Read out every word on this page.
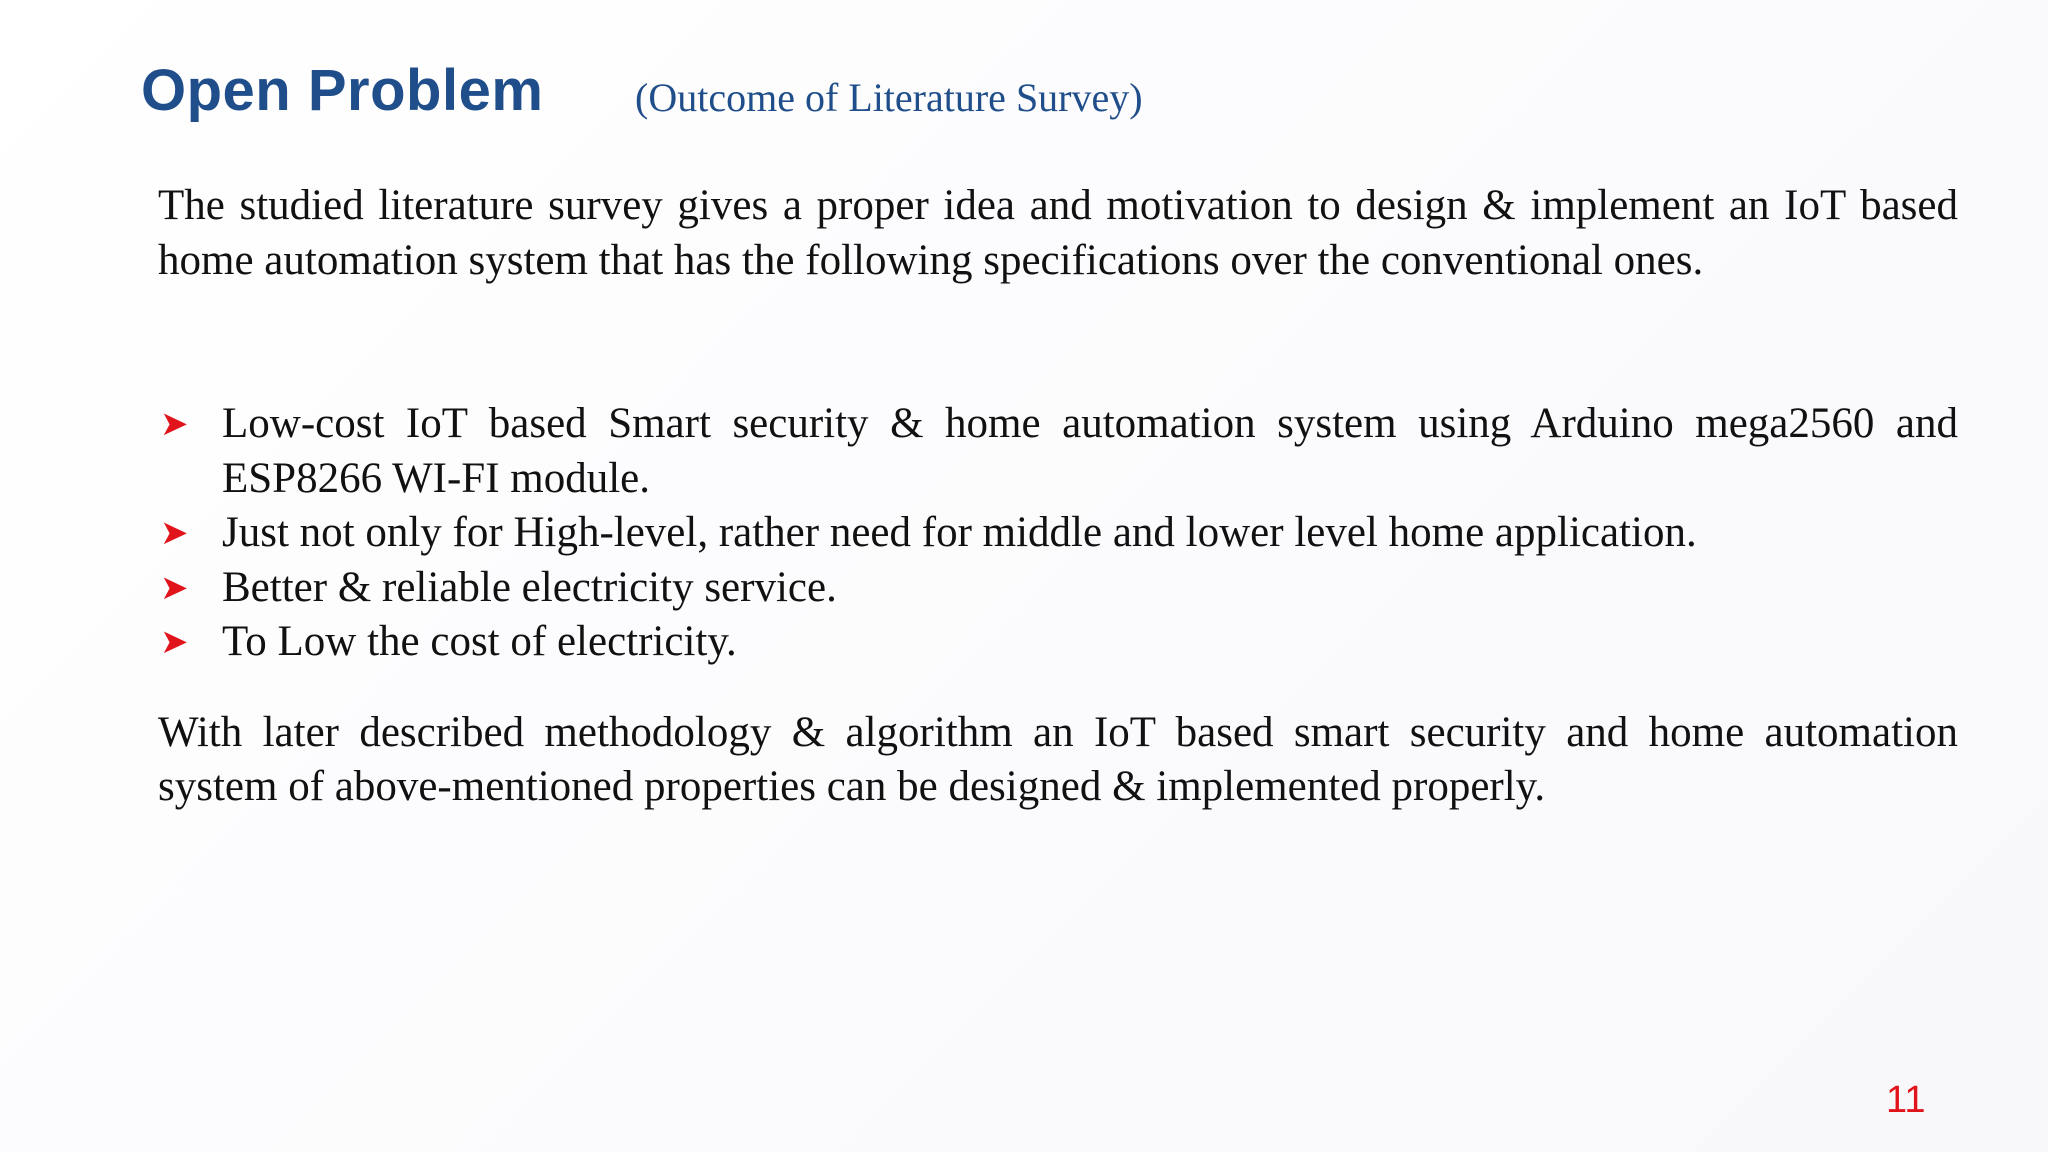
Open Problem (Outcome of Literature Survey)

The studied literature survey gives a proper idea and motivation to design & implement an IoT based home automation system that has the following specifications over the conventional ones.

➤ Low-cost IoT based Smart security & home automation system using Arduino mega2560 and ESP8266 WI-FI module.
➤ Just not only for High-level, rather need for middle and lower level home application.
➤ Better & reliable electricity service.
➤ To Low the cost of electricity.

With later described methodology & algorithm an IoT based smart security and home automation system of above-mentioned properties can be designed & implemented properly.

11
